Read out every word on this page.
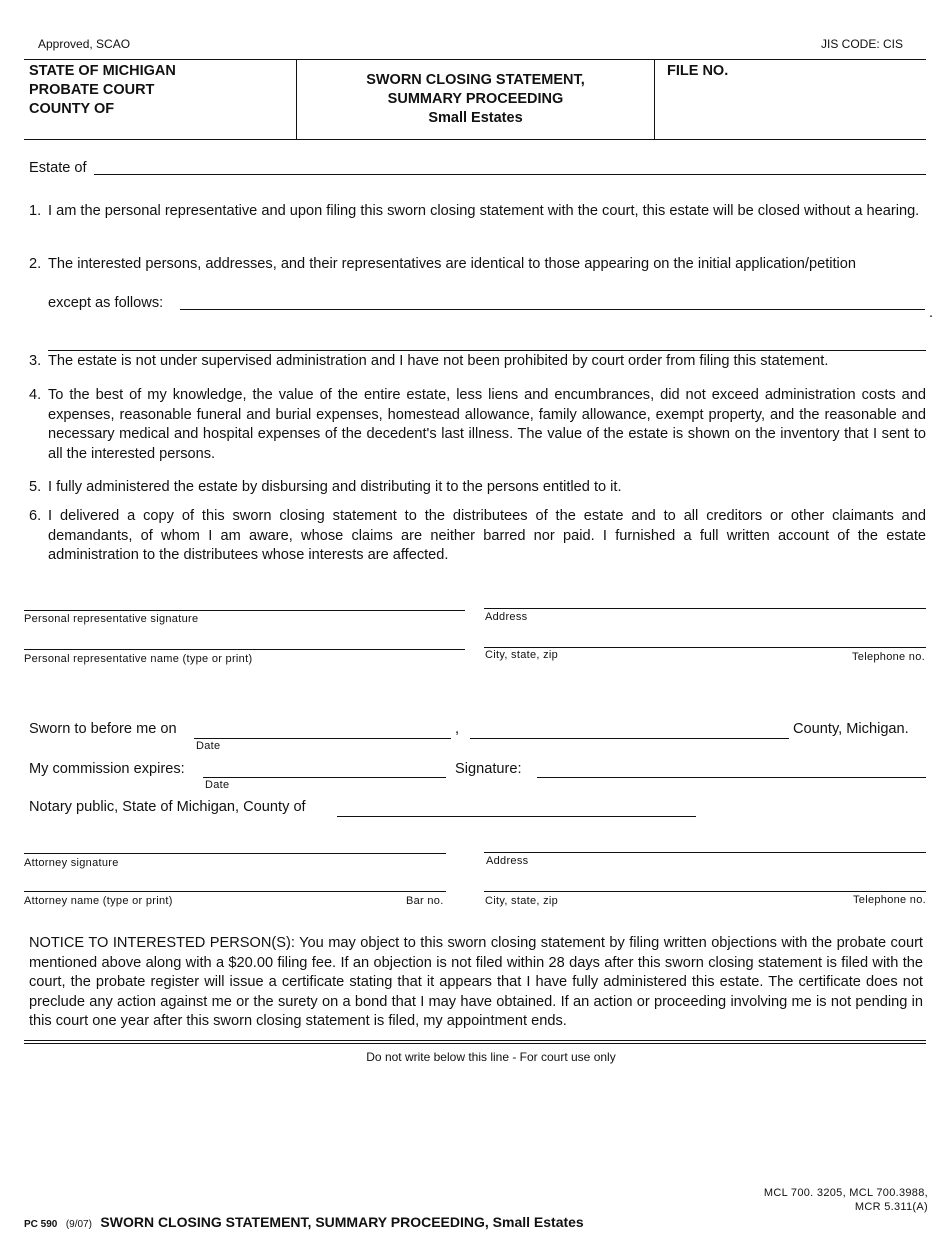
Approved, SCAO	JIS CODE: CIS
STATE OF MICHIGAN
PROBATE COURT
COUNTY OF
SWORN CLOSING STATEMENT,
SUMMARY PROCEEDING
Small Estates
FILE NO.
Estate of
1. I am the personal representative and upon filing this sworn closing statement with the court, this estate will be closed without a hearing.
2. The interested persons, addresses, and their representatives are identical to those appearing on the initial application/petition
except as follows:
.
3. The estate is not under supervised administration and I have not been prohibited by court order from filing this statement.
4. To the best of my knowledge, the value of the entire estate, less liens and encumbrances, did not exceed administration costs and expenses, reasonable funeral and burial expenses, homestead allowance, family allowance, exempt property, and the reasonable and necessary medical and hospital expenses of the decedent's last illness. The value of the estate is shown on the inventory that I sent to all the interested persons.
5. I fully administered the estate by disbursing and distributing it to the persons entitled to it.
6. I delivered a copy of this sworn closing statement to the distributees of the estate and to all creditors or other claimants and demandants, of whom I am aware, whose claims are neither barred nor paid. I furnished a full written account of the estate administration to the distributees whose interests are affected.
Personal representative signature
Personal representative name (type or print)
Address
City, state, zip	Telephone no.
Sworn to before me on
Date
,	County, Michigan.
My commission expires:
Date
Signature:
Notary public, State of Michigan, County of
Attorney signature
Attorney name (type or print)	Bar no.
Address
City, state, zip	Telephone no.
NOTICE TO INTERESTED PERSON(S): You may object to this sworn closing statement by filing written objections with the probate court mentioned above along with a $20.00 filing fee. If an objection is not filed within 28 days after this sworn closing statement is filed with the court, the probate register will issue a certificate stating that it appears that I have fully administered this estate. The certificate does not preclude any action against me or the surety on a bond that I may have obtained. If an action or proceeding involving me is not pending in this court one year after this sworn closing statement is filed, my appointment ends.
Do not write below this line - For court use only
PC 590 (9/07) SWORN CLOSING STATEMENT, SUMMARY PROCEEDING, Small Estates
MCL 700. 3205, MCL 700.3988,
MCR 5.311(A)
